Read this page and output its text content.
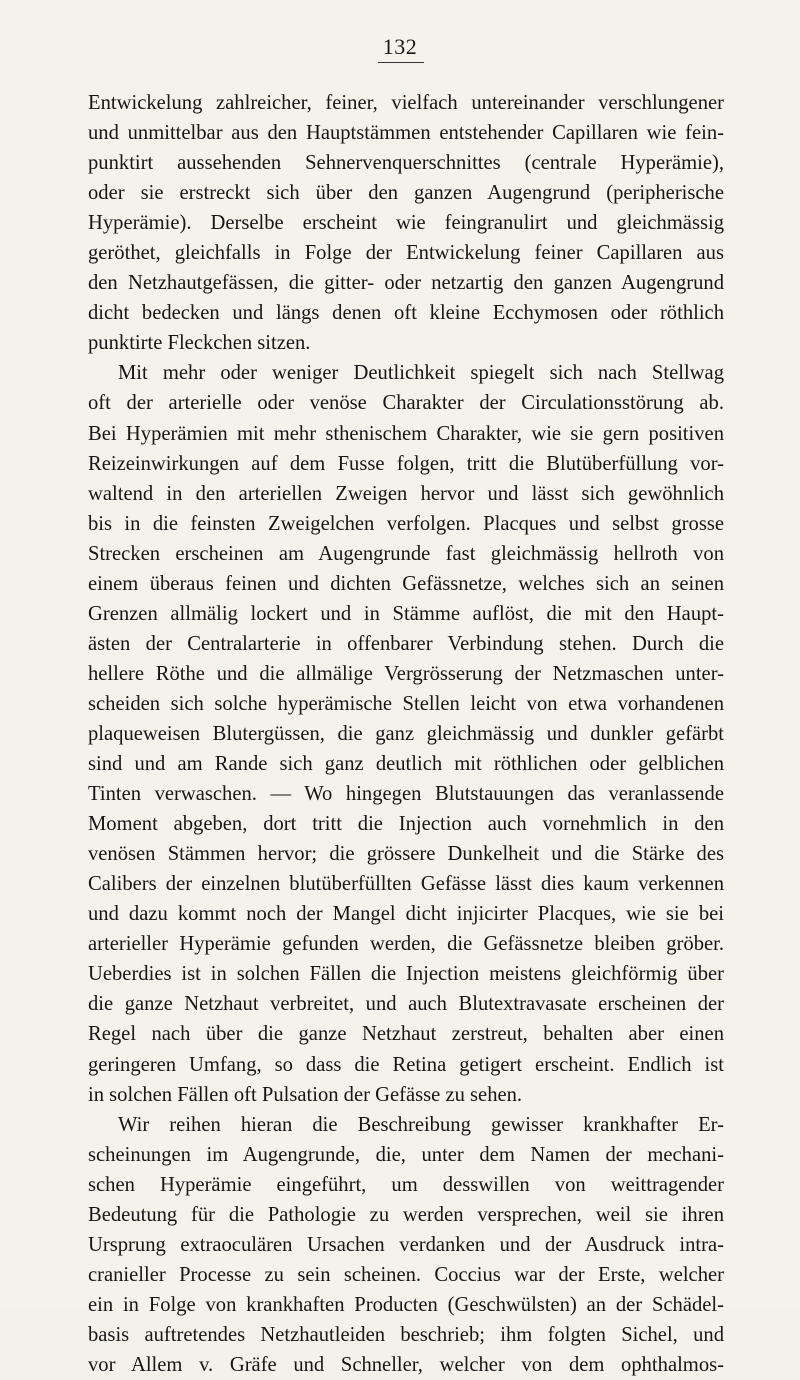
132
Entwickelung zahlreicher, feiner, vielfach untereinander verschlungener
und unmittelbar aus den Hauptstämmen entstehender Capillaren wie fein-
punktirt aussehenden Sehnervenquerschnittes (centrale Hyperämie),
oder sie erstreckt sich über den ganzen Augengrund (peripherische
Hyperämie). Derselbe erscheint wie feingranulirt und gleichmässig
geröthet, gleichfalls in Folge der Entwickelung feiner Capillaren aus
den Netzhautgefässen, die gitter- oder netzartig den ganzen Augengrund
dicht bedecken und längs denen oft kleine Ecchymosen oder röthlich
punktirte Fleckchen sitzen.
Mit mehr oder weniger Deutlichkeit spiegelt sich nach Stellwag
oft der arterielle oder venöse Charakter der Circulationsstörung ab.
Bei Hyperämien mit mehr sthenischem Charakter, wie sie gern positiven
Reizeinwirkungen auf dem Fusse folgen, tritt die Blutüberfüllung vor-
waltend in den arteriellen Zweigen hervor und lässt sich gewöhnlich
bis in die feinsten Zweigelchen verfolgen. Placques und selbst grosse
Strecken erscheinen am Augengrunde fast gleichmässig hellroth von
einem überaus feinen und dichten Gefässnetze, welches sich an seinen
Grenzen allmälig lockert und in Stämme auflöst, die mit den Haupt-
ästen der Centralarterie in offenbarer Verbindung stehen. Durch die
hellere Röthe und die allmälige Vergrösserung der Netzmaschen unter-
scheiden sich solche hyperämische Stellen leicht von etwa vorhandenen
plaqueweisen Blutergüssen, die ganz gleichmässig und dunkler gefärbt
sind und am Rande sich ganz deutlich mit röthlichen oder gelblichen
Tinten verwaschen. — Wo hingegen Blutstauungen das veranlassende
Moment abgeben, dort tritt die Injection auch vornehmlich in den
venösen Stämmen hervor; die grössere Dunkelheit und die Stärke des
Calibers der einzelnen blutüberfüllten Gefässe lässt dies kaum verkennen
und dazu kommt noch der Mangel dicht injicirter Placques, wie sie bei
arterieller Hyperämie gefunden werden, die Gefässnetze bleiben gröber.
Ueberdies ist in solchen Fällen die Injection meistens gleichförmig über
die ganze Netzhaut verbreitet, und auch Blutextravasate erscheinen der
Regel nach über die ganze Netzhaut zerstreut, behalten aber einen
geringeren Umfang, so dass die Retina getigert erscheint. Endlich ist
in solchen Fällen oft Pulsation der Gefässe zu sehen.
Wir reihen hieran die Beschreibung gewisser krankhafter Er-
scheinungen im Augengrunde, die, unter dem Namen der mechani-
schen Hyperämie eingeführt, um desswillen von weittragender
Bedeutung für die Pathologie zu werden versprechen, weil sie ihren
Ursprung extraoculären Ursachen verdanken und der Ausdruck intra-
cranieller Processe zu sein scheinen. Coccius war der Erste, welcher
ein in Folge von krankhaften Producten (Geschwülsten) an der Schädel-
basis auftretendes Netzhautleiden beschrieb; ihm folgten Sichel, und
vor Allem v. Gräfe und Schneller, welcher von dem ophthalmos-
